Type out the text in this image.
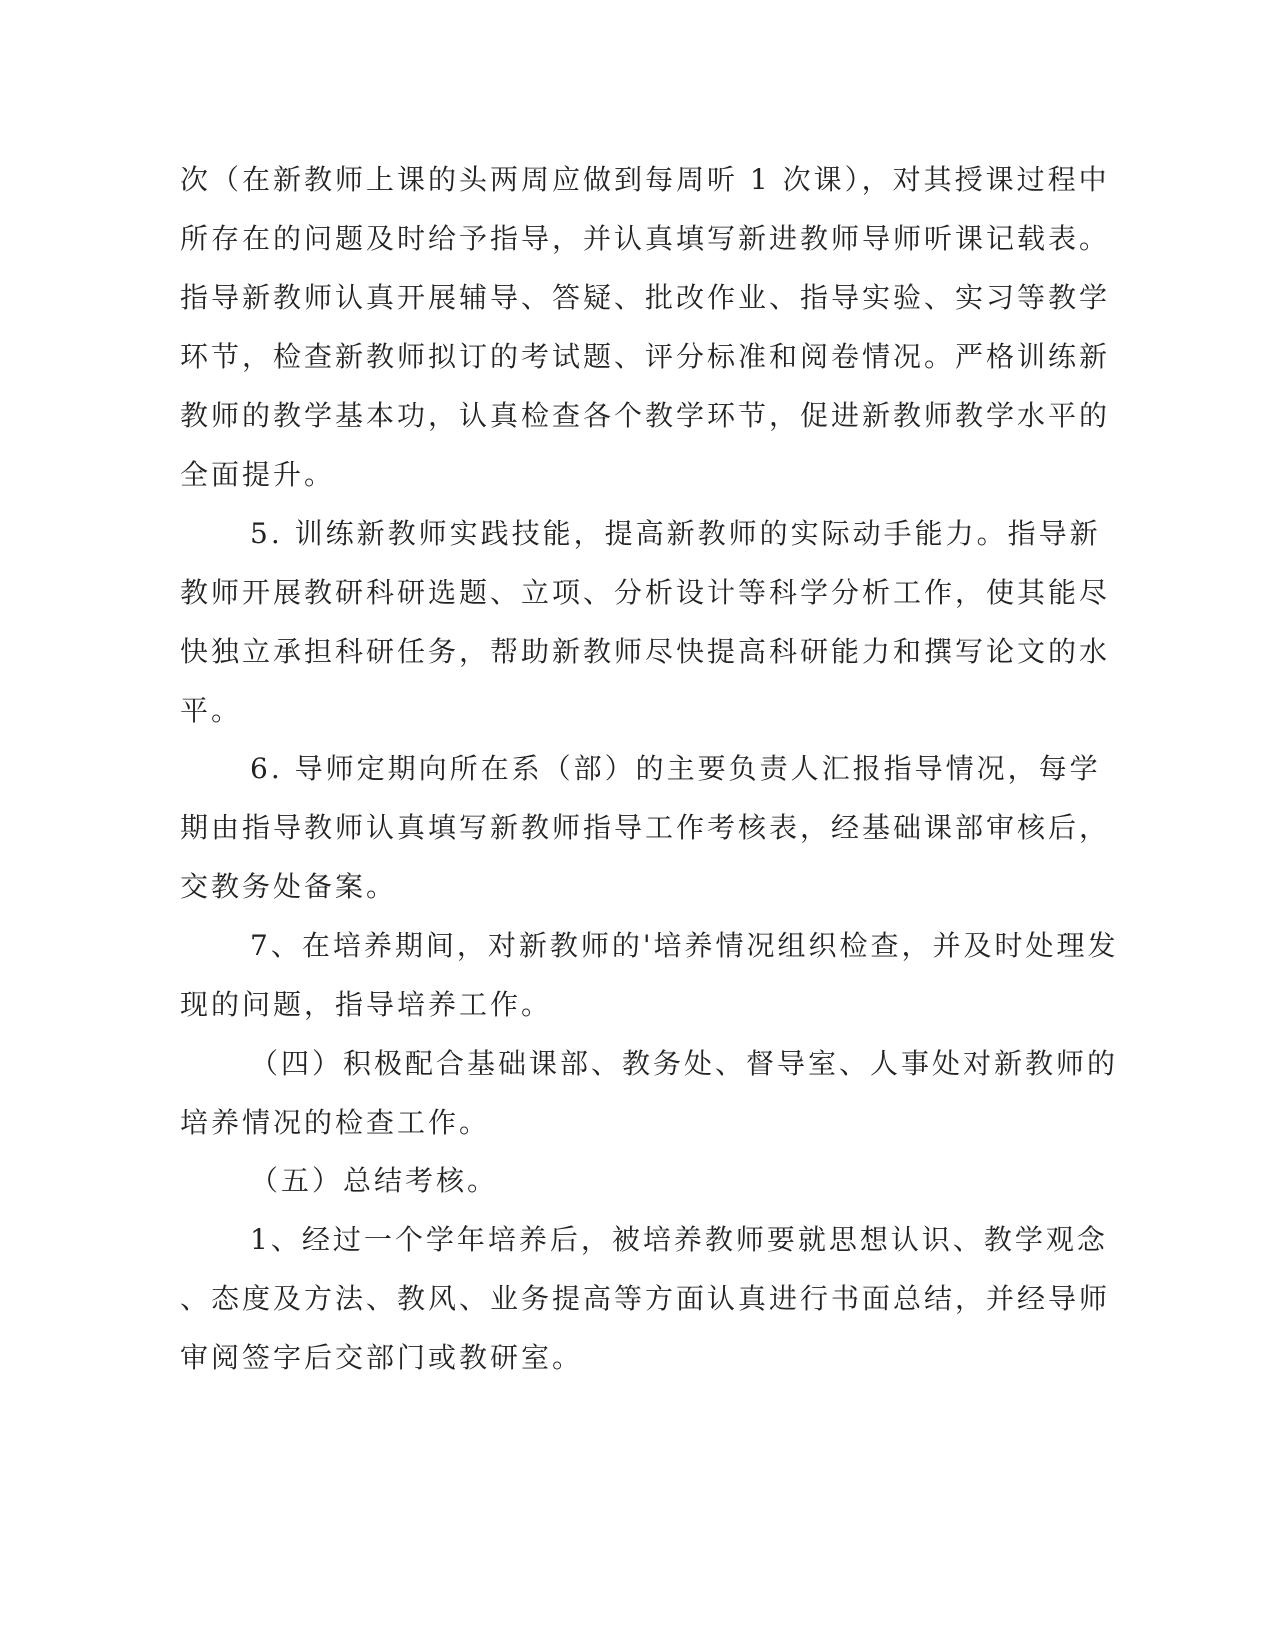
次（在新教师上课的头两周应做到每周听 1 次课），对其授课过程中

所存在的问题及时给予指导，并认真填写新进教师导师听课记载表。

指导新教师认真开展辅导、答疑、批改作业、指导实验、实习等教学

环节，检查新教师拟订的考试题、评分标准和阅卷情况。严格训练新

教师的教学基本功，认真检查各个教学环节，促进新教师教学水平的

全面提升。

5. 训练新教师实践技能，提高新教师的实际动手能力。指导新

教师开展教研科研选题、立项、分析设计等科学分析工作，使其能尽

快独立承担科研任务，帮助新教师尽快提高科研能力和撰写论文的水

平。

6. 导师定期向所在系（部）的主要负责人汇报指导情况，每学

期由指导教师认真填写新教师指导工作考核表，经基础课部审核后，

交教务处备案。

7、在培养期间，对新教师的'培养情况组织检查，并及时处理发

现的问题，指导培养工作。

（四）积极配合基础课部、教务处、督导室、人事处对新教师的

培养情况的检查工作。

（五）总结考核。

1、经过一个学年培养后，被培养教师要就思想认识、教学观念

、态度及方法、教风、业务提高等方面认真进行书面总结，并经导师

审阅签字后交部门或教研室。
